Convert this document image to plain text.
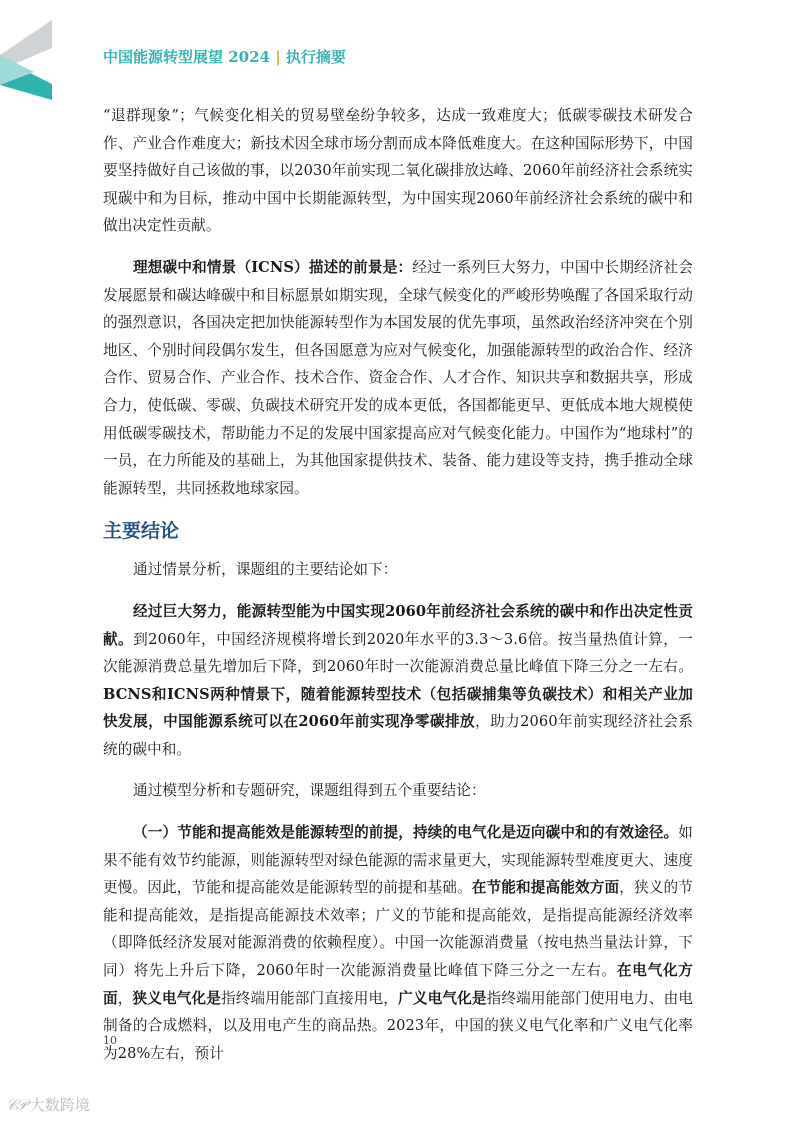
中国能源转型展望 2024 | 执行摘要

“退群现象”；气候变化相关的贸易壁垒纷争较多，达成一致难度大；低碳零碳技术研发合作、产业合作难度大；新技术因全球市场分割而成本降低难度大。在这种国际形势下，中国要坚持做好自己该做的事，以2030年前实现二氧化碳排放达峰、2060年前经济社会系统实现碳中和为目标，推动中国中长期能源转型，为中国实现2060年前经济社会系统的碳中和做出决定性贡献。

理想碳中和情景（ICNS）描述的前景是：经过一系列巨大努力，中国中长期经济社会发展愿景和碳达峰碳中和目标愿景如期实现，全球气候变化的严峻形势唤醒了各国采取行动的强烈意识，各国决定把加快能源转型作为本国发展的优先事项，虽然政治经济冲突在个别地区、个别时间段偶尔发生，但各国愿意为应对气候变化，加强能源转型的政治合作、经济合作、贸易合作、产业合作、技术合作、资金合作、人才合作、知识共享和数据共享，形成合力，使低碳、零碳、负碳技术研究开发的成本更低，各国都能更早、更低成本地大规模使用低碳零碳技术，帮助能力不足的发展中国家提高应对气候变化能力。中国作为“地球村”的一员，在力所能及的基础上，为其他国家提供技术、装备、能力建设等支持，携手推动全球能源转型，共同拯救地球家园。

主要结论

通过情景分析，课题组的主要结论如下：

经过巨大努力，能源转型能为中国实现2060年前经济社会系统的碳中和作出决定性贡献。到2060年，中国经济规模将增长到2020年水平的3.3～3.6倍。按当量热值计算，一次能源消费总量先增加后下降，到2060年时一次能源消费总量比峰值下降三分之一左右。BCNS和ICNS两种情景下，随着能源转型技术（包括碳捕集等负碳技术）和相关产业加快发展，中国能源系统可以在2060年前实现净零碳排放，助力2060年前实现经济社会系统的碳中和。

通过模型分析和专题研究，课题组得到五个重要结论：

（一）节能和提高能效是能源转型的前提，持续的电气化是迈向碳中和的有效途径。如果不能有效节约能源，则能源转型对绿色能源的需求量更大，实现能源转型难度更大、速度更慢。因此，节能和提高能效是能源转型的前提和基础。在节能和提高能效方面，狭义的节能和提高能效，是指提高能源技术效率；广义的节能和提高能效，是指提高能源经济效率（即降低经济发展对能源消费的依赖程度）。中国一次能源消费量（按电热当量法计算，下同）将先上升后下降，2060年时一次能源消费量比峰值下降三分之一左右。在电气化方面，狭义电气化是指终端用能部门直接用电，广义电气化是指终端用能部门使用电力、由电制备的合成燃料，以及用电产生的商品热。2023年，中国的狭义电气化率和广义电气化率为28%左右，预计

10
𝒞𝒫 大数跨境
